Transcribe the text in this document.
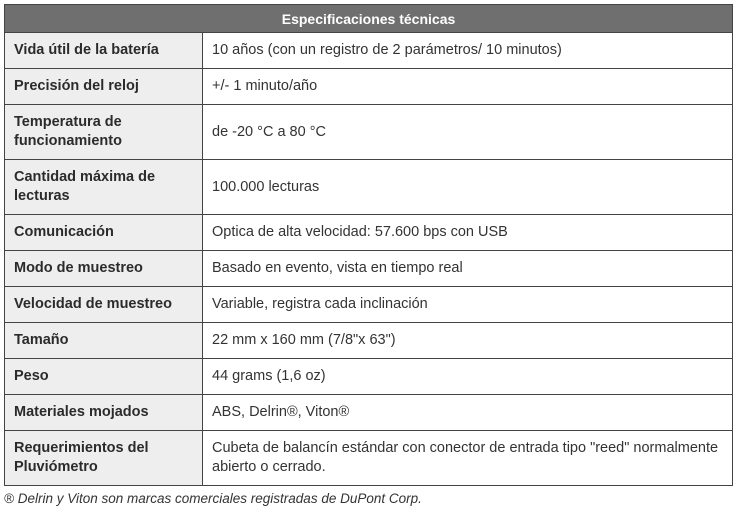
Especificaciones técnicas	
Vida útil de la batería	10 años (con un registro de 2 parámetros/ 10 minutos)
Precisión del reloj	+/- 1 minuto/año
Temperatura de funcionamiento	de -20 °C a 80 °C
Cantidad máxima de lecturas	100.000 lecturas
Comunicación	Optica de alta velocidad: 57.600 bps con USB
Modo de muestreo	Basado en evento, vista en tiempo real
Velocidad de muestreo	Variable, registra cada inclinación
Tamaño	22 mm x 160 mm (7/8"x 63")
Peso	44 grams (1,6 oz)
Materiales mojados	ABS, Delrin®, Viton®
Requerimientos del Pluviómetro	Cubeta de balancín estándar con conector de entrada tipo "reed" normalmente abierto o cerrado.
® Delrin y Viton son marcas comerciales registradas de DuPont Corp.
